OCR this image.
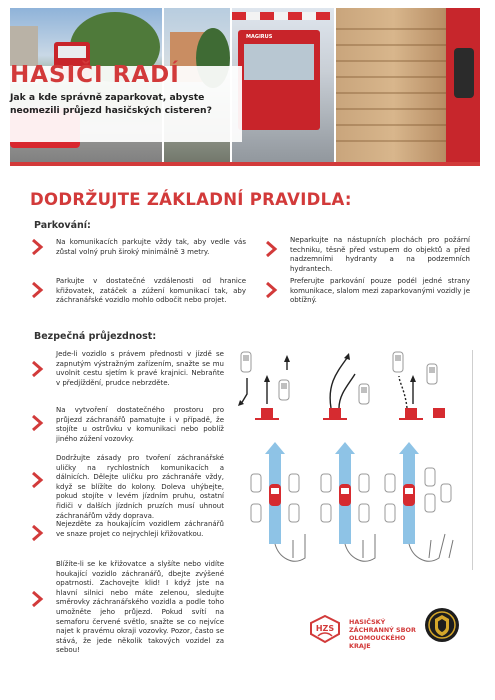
MAGIRUS
HASIČI RADÍ
Jak a kde správně zaparkovat, abyste
neomezili průjezd hasičských cisteren?
DODRŽUJTE ZÁKLADNÍ PRAVIDLA:
Parkování:
Na komunikacích parkujte vždy tak, aby vedle vás zůstal volný pruh široký minimálně 3 metry.
Parkujte v dostatečné vzdálenosti od hranice křižovatek, zatáček a zúžení komunikací tak, aby záchranářské vozidlo mohlo odbočit nebo projet.
Neparkujte na nástupních plochách pro požární techniku, těsně před vstupem do objektů a před nadzemními hydranty a na podzemních hydrantech.
Preferujte parkování pouze podél jedné strany komunikace, slalom mezi zaparkovanými vozidly je obtížný.
Bezpečná průjezdnost:
Jede-li vozidlo s právem přednosti v jízdě se zapnutým výstražným zařízením, snažte se mu uvolnit cestu sjetím k pravé krajnici. Nebraňte v předjíždění, prudce nebrzděte.
Na vytvoření dostatečného prostoru pro průjezd záchranářů pamatujte i v případě, že stojíte u ostrůvku v komunikaci nebo poblíž jiného zúžení vozovky.
Dodržujte zásady pro tvoření záchranářské uličky na rychlostních komunikacích a dálnicích. Dělejte uličku pro záchranáře vždy, když se blížíte do kolony. Doleva uhýbejte, pokud stojíte v levém jízdním pruhu, ostatní řidiči v dalších jízdních pruzích musí uhnout záchranářům vždy doprava.
Nejezděte za houkajícím vozidlem záchranářů ve snaze projet co nejrychleji křižovatkou.
Blížíte-li se ke křižovatce a slyšíte nebo vidíte houkající vozidlo záchranářů, dbejte zvýšené opatrnosti. Zachovejte klid! I když jste na hlavní silnici nebo máte zelenou, sledujte směrovky záchranářského vozidla a podle toho umožněte jeho průjezd. Pokud svítí na semaforu červené světlo, snažte se co nejvíce najet k pravému okraji vozovky. Pozor, často se stává, že jede několik takových vozidel za sebou!
HZS
HASIČSKÝ
ZÁCHRANNÝ SBOR
OLOMOUCKÉHO
KRAJE
